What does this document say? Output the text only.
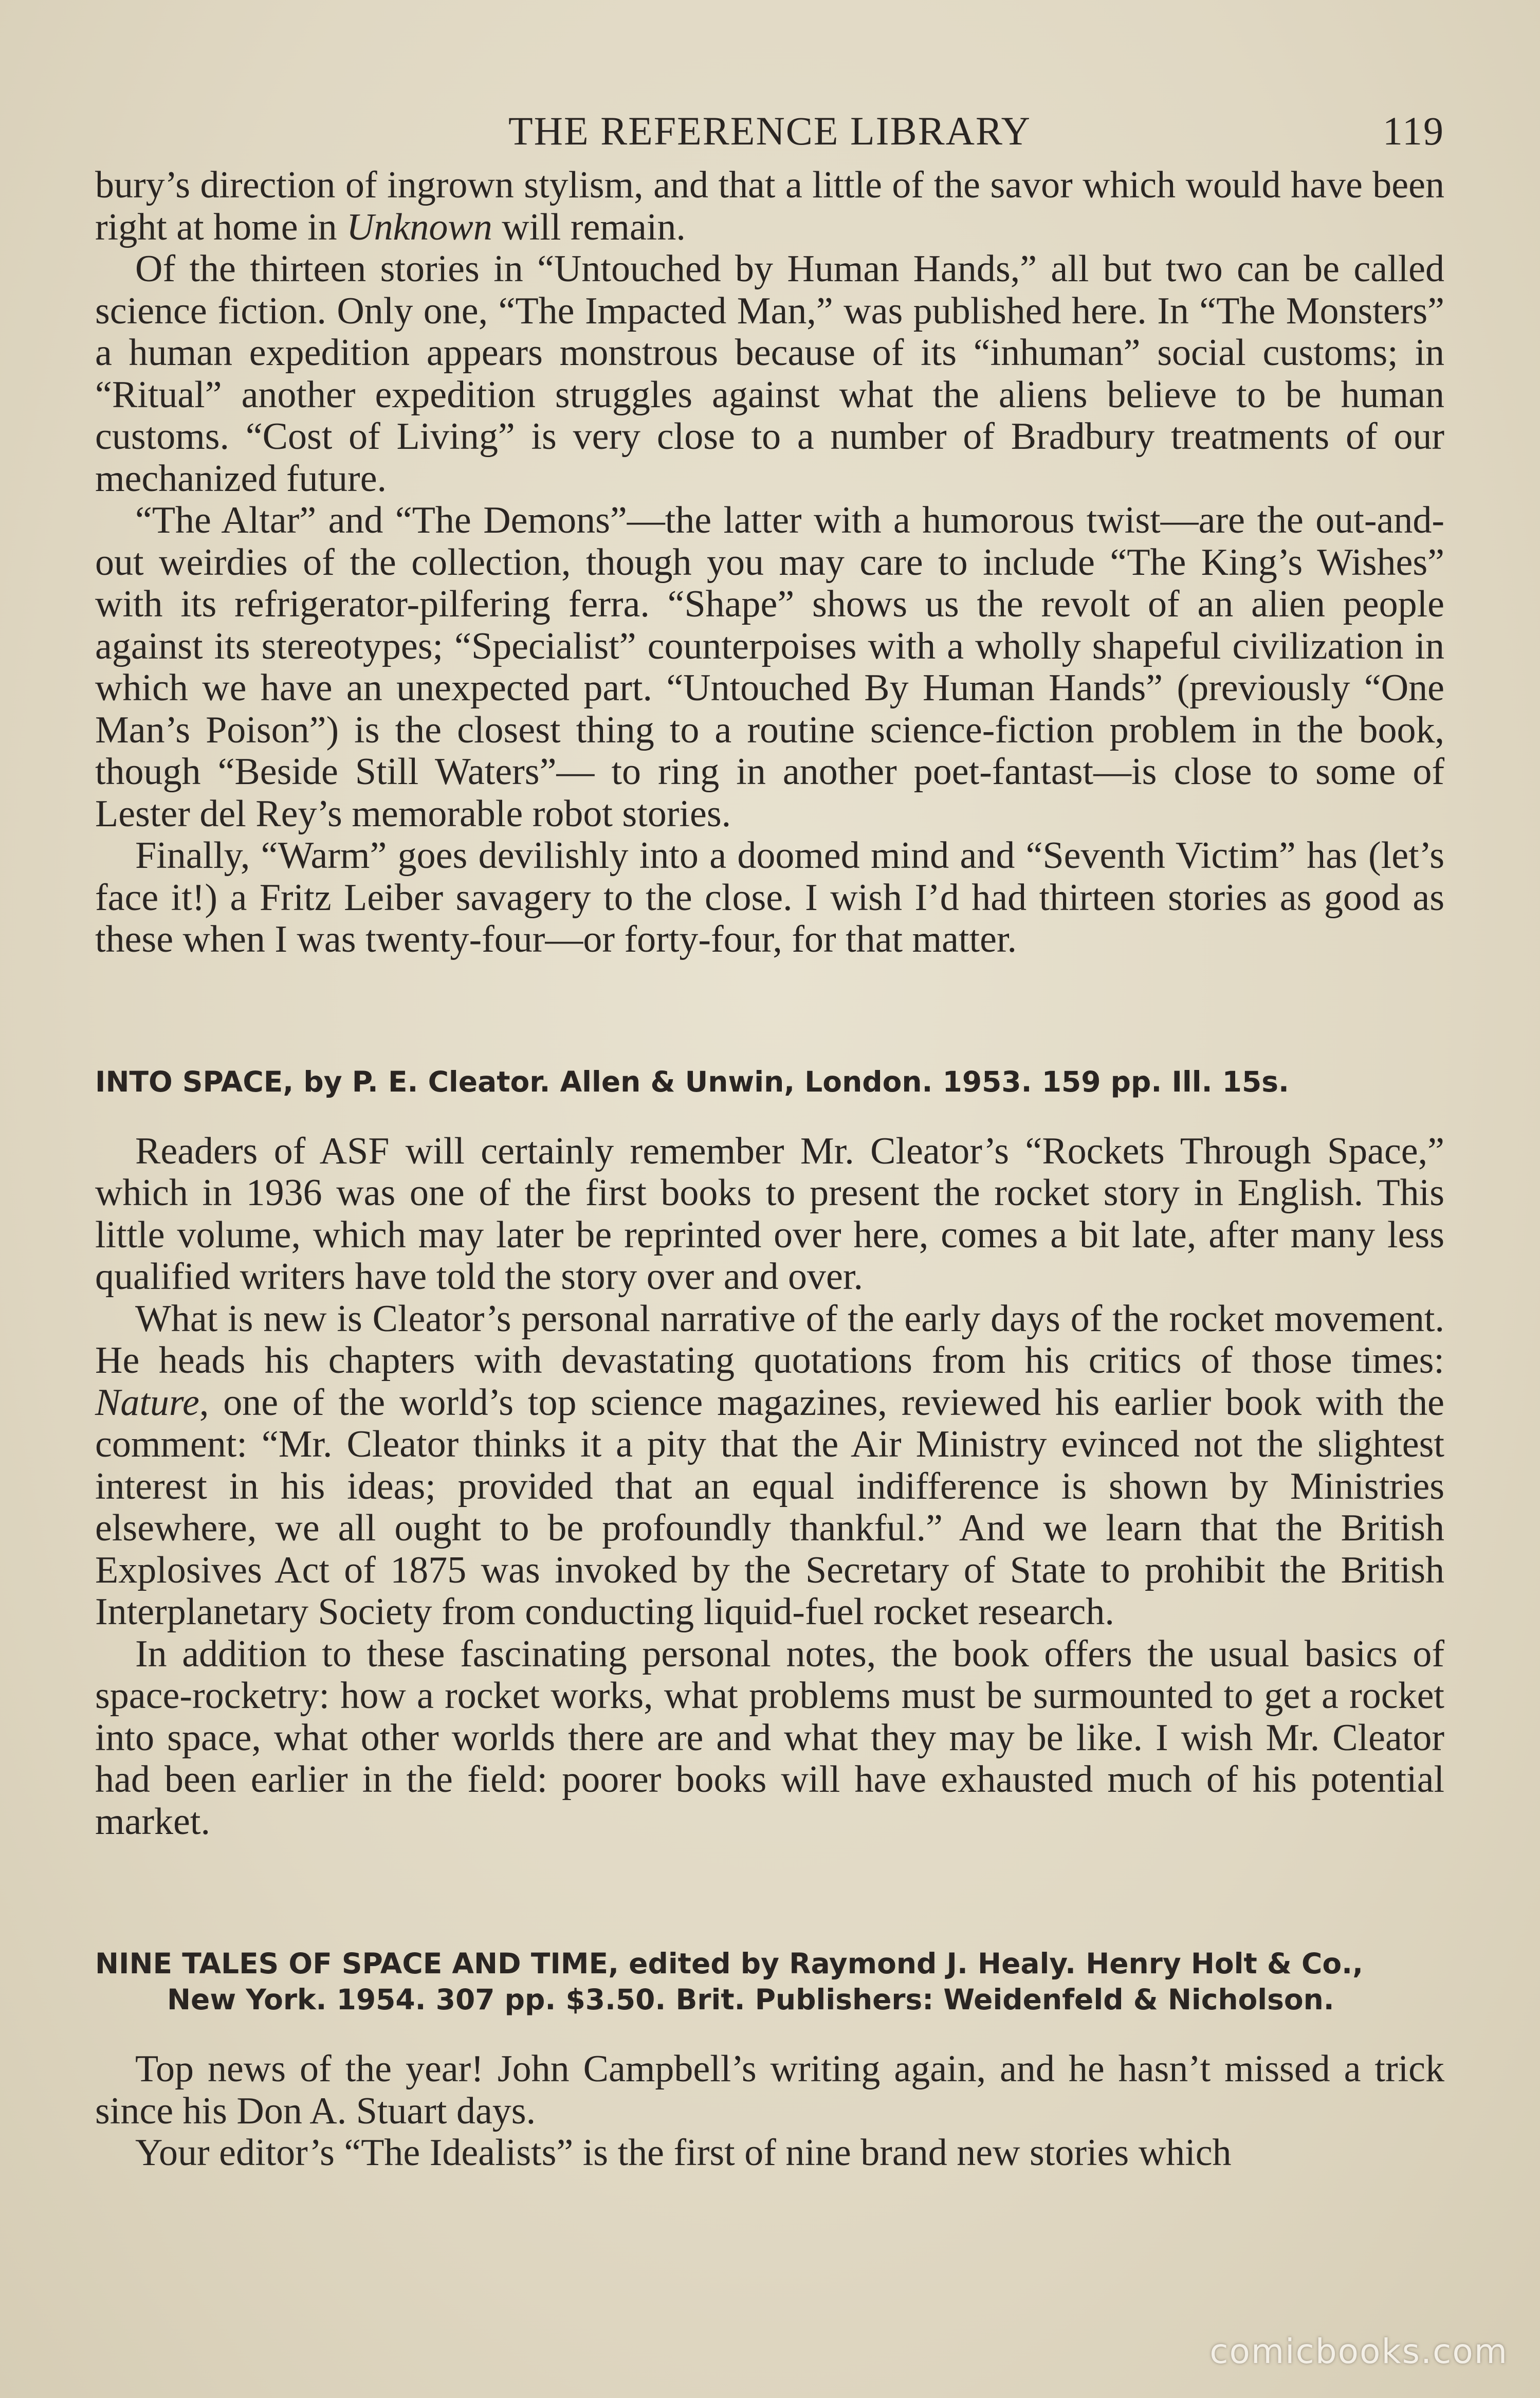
THE REFERENCE LIBRARY	119

bury’s direction of ingrown stylism, and that a little of the savor which would have been right at home in Unknown will remain.

Of the thirteen stories in “Untouched by Human Hands,” all but two can be called science fiction. Only one, “The Impacted Man,” was published here. In “The Monsters” a human expedition appears monstrous because of its “inhuman” social customs; in “Ritual” another expedition struggles against what the aliens believe to be human customs. “Cost of Living” is very close to a number of Bradbury treatments of our mechanized future.

“The Altar” and “The Demons”—the latter with a humorous twist—are the out-and-out weirdies of the collection, though you may care to include “The King’s Wishes” with its refrigerator-pilfering ferra. “Shape” shows us the revolt of an alien people against its stereotypes; “Specialist” counterpoises with a wholly shapeful civilization in which we have an unexpected part. “Untouched By Human Hands” (previously “One Man’s Poison”) is the closest thing to a routine science-fiction problem in the book, though “Beside Still Waters”— to ring in another poet-fantast—is close to some of Lester del Rey’s memorable robot stories.

Finally, “Warm” goes devilishly into a doomed mind and “Seventh Victim” has (let’s face it!) a Fritz Leiber savagery to the close. I wish I’d had thirteen stories as good as these when I was twenty-four—or forty-four, for that matter.

INTO SPACE, by P. E. Cleator. Allen & Unwin, London. 1953. 159 pp. Ill. 15s.

Readers of ASF will certainly remember Mr. Cleator’s “Rockets Through Space,” which in 1936 was one of the first books to present the rocket story in English. This little volume, which may later be reprinted over here, comes a bit late, after many less qualified writers have told the story over and over.

What is new is Cleator’s personal narrative of the early days of the rocket movement. He heads his chapters with devastating quotations from his critics of those times: Nature, one of the world’s top science magazines, reviewed his earlier book with the comment: “Mr. Cleator thinks it a pity that the Air Ministry evinced not the slightest interest in his ideas; provided that an equal indifference is shown by Ministries elsewhere, we all ought to be profoundly thankful.” And we learn that the British Explosives Act of 1875 was invoked by the Secretary of State to prohibit the British Interplanetary Society from conducting liquid-fuel rocket research.

In addition to these fascinating personal notes, the book offers the usual basics of space-rocketry: how a rocket works, what problems must be surmounted to get a rocket into space, what other worlds there are and what they may be like. I wish Mr. Cleator had been earlier in the field: poorer books will have exhausted much of his potential market.

NINE TALES OF SPACE AND TIME, edited by Raymond J. Healy. Henry Holt & Co.,
New York. 1954. 307 pp. $3.50. Brit. Publishers: Weidenfeld & Nicholson.

Top news of the year! John Campbell’s writing again, and he hasn’t missed a trick since his Don A. Stuart days.

Your editor’s “The Idealists” is the first of nine brand new stories which

comicbooks.com
